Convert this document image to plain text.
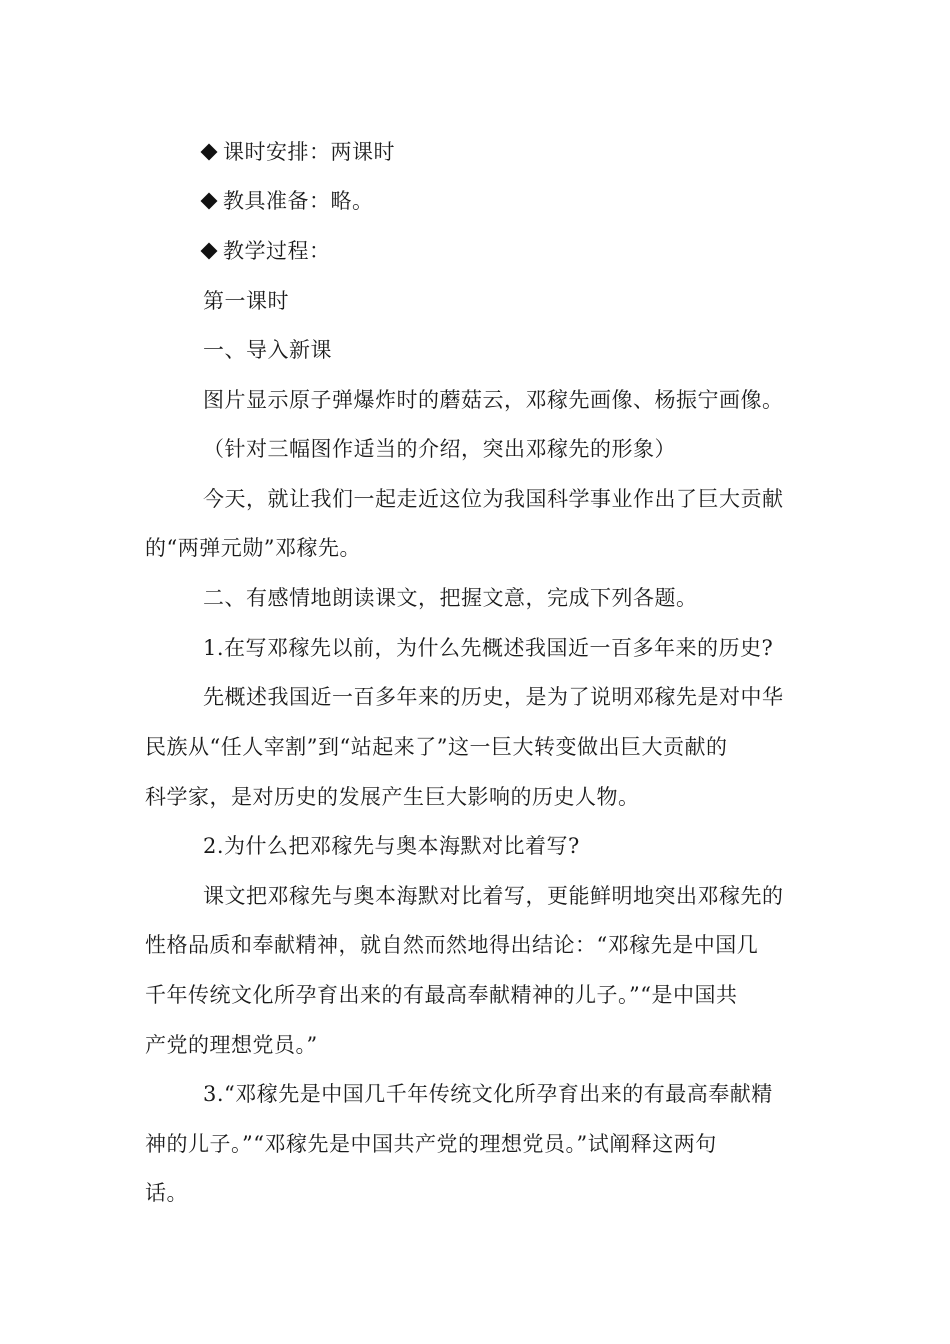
课时安排：两课时
教具准备：略。
教学过程：
第一课时
一、导入新课
图片显示原子弹爆炸时的蘑菇云，邓稼先画像、杨振宁画像。
（针对三幅图作适当的介绍，突出邓稼先的形象）
今天，就让我们一起走近这位为我国科学事业作出了巨大贡献
的“两弹元勋”邓稼先。
二、有感情地朗读课文，把握文意，完成下列各题。
1.在写邓稼先以前，为什么先概述我国近一百多年来的历史?
先概述我国近一百多年来的历史，是为了说明邓稼先是对中华
民族从“任人宰割”到“站起来了”这一巨大转变做出巨大贡献的
科学家，是对历史的发展产生巨大影响的历史人物。
2.为什么把邓稼先与奥本海默对比着写?
课文把邓稼先与奥本海默对比着写，更能鲜明地突出邓稼先的
性格品质和奉献精神，就自然而然地得出结论：“邓稼先是中国几
千年传统文化所孕育出来的有最高奉献精神的儿子。”“是中国共
产党的理想党员。”
3.“邓稼先是中国几千年传统文化所孕育出来的有最高奉献精
神的儿子。”“邓稼先是中国共产党的理想党员。”试阐释这两句
话。
